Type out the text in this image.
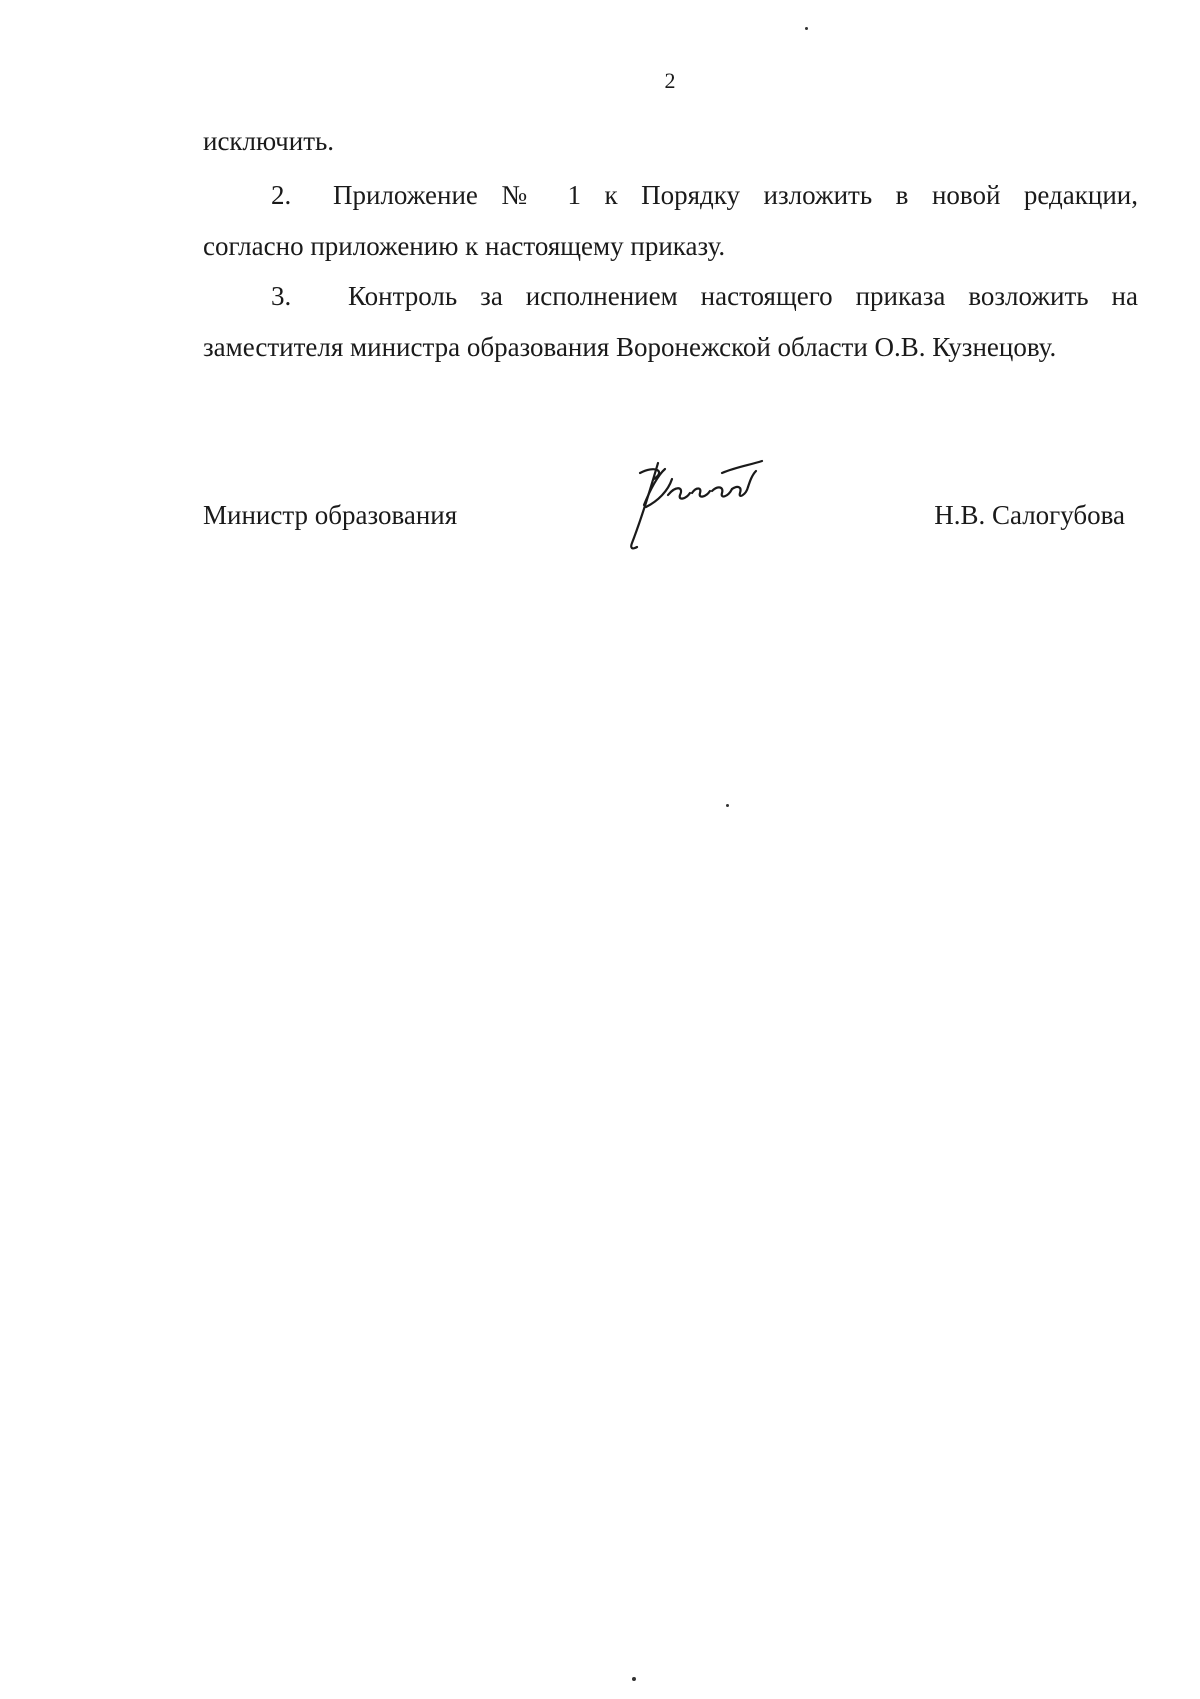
2
исключить.
2. Приложение № 1 к Порядку изложить в новой редакции,
согласно приложению к настоящему приказу.
3. Контроль за исполнением настоящего приказа возложить на
заместителя министра образования Воронежской области О.В. Кузнецову.
Министр образования	Н.В. Салогубова
